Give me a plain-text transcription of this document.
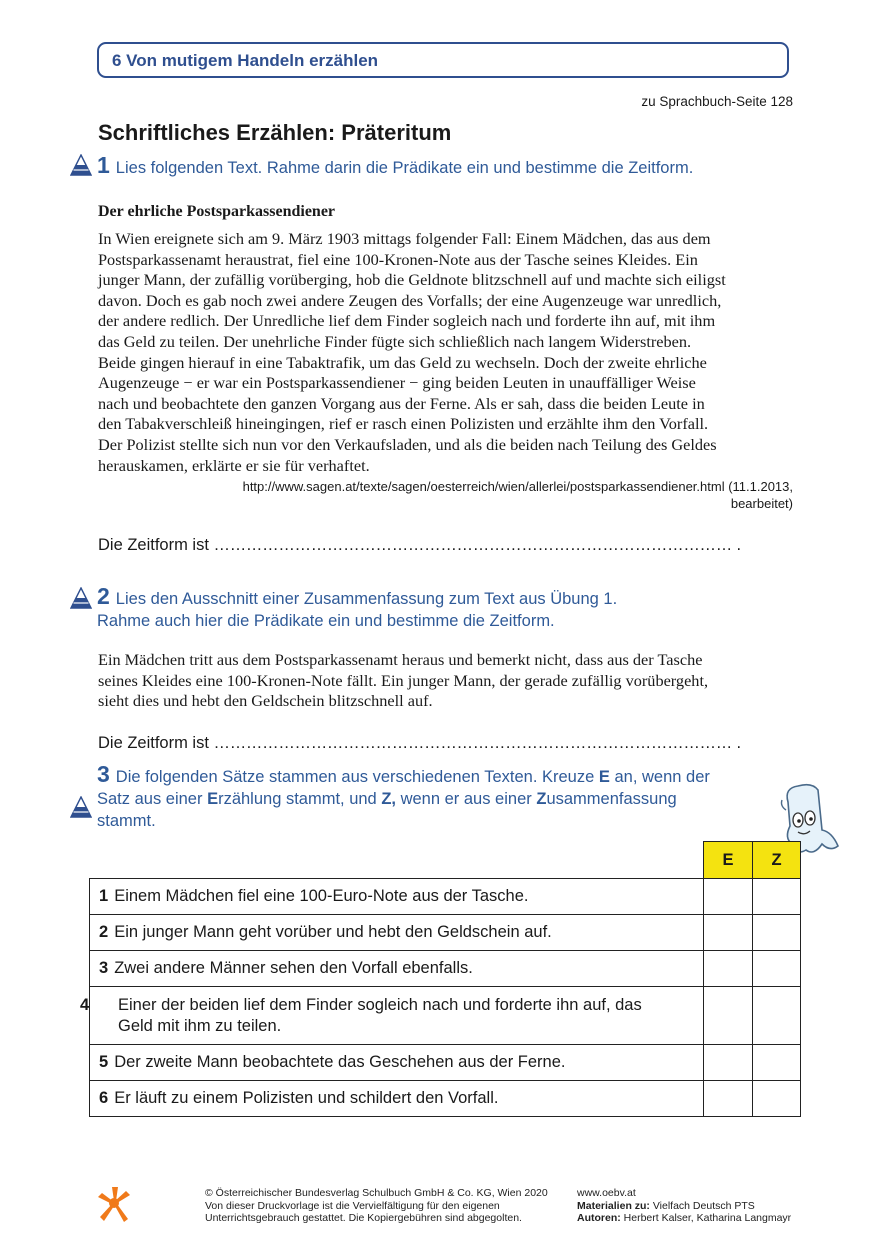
6 Von mutigem Handeln erzählen
zu Sprachbuch-Seite 128
Schriftliches Erzählen: Präteritum
1 Lies folgenden Text. Rahme darin die Prädikate ein und bestimme die Zeitform.
Der ehrliche Postsparkassendiener
In Wien ereignete sich am 9. März 1903 mittags folgender Fall: Einem Mädchen, das aus dem
Postsparkassenamt heraustrat, fiel eine 100-Kronen-Note aus der Tasche seines Kleides. Ein
junger Mann, der zufällig vorüberging, hob die Geldnote blitzschnell auf und machte sich eiligst
davon. Doch es gab noch zwei andere Zeugen des Vorfalls; der eine Augenzeuge war unredlich,
der andere redlich. Der Unredliche lief dem Finder sogleich nach und forderte ihn auf, mit ihm
das Geld zu teilen. Der unehrliche Finder fügte sich schließlich nach langem Widerstreben.
Beide gingen hierauf in eine Tabaktrafik, um das Geld zu wechseln. Doch der zweite ehrliche
Augenzeuge − er war ein Postsparkassendiener − ging beiden Leuten in unauffälliger Weise
nach und beobachtete den ganzen Vorgang aus der Ferne. Als er sah, dass die beiden Leute in
den Tabakverschleiß hineingingen, rief er rasch einen Polizisten und erzählte ihm den Vorfall.
Der Polizist stellte sich nun vor den Verkaufsladen, und als die beiden nach Teilung des Geldes
herauskamen, erklärte er sie für verhaftet.
http://www.sagen.at/texte/sagen/oesterreich/wien/allerlei/postsparkassendiener.html (11.1.2013,
bearbeitet)
Die Zeitform ist …………………………………………………………………………………… .
2 Lies den Ausschnitt einer Zusammenfassung zum Text aus Übung 1.
Rahme auch hier die Prädikate ein und bestimme die Zeitform.
Ein Mädchen tritt aus dem Postsparkassenamt heraus und bemerkt nicht, dass aus der Tasche
seines Kleides eine 100-Kronen-Note fällt. Ein junger Mann, der gerade zufällig vorübergeht,
sieht dies und hebt den Geldschein blitzschnell auf.
Die Zeitform ist …………………………………………………………………………………… .
3 Die folgenden Sätze stammen aus verschiedenen Texten. Kreuze E an, wenn der
Satz aus einer Erzählung stammt, und Z, wenn er aus einer Zusammenfassung
stammt.
	E	Z
1 Einem Mädchen fiel eine 100-Euro-Note aus der Tasche.		
2 Ein junger Mann geht vorüber und hebt den Geldschein auf.		
3 Zwei andere Männer sehen den Vorfall ebenfalls.		

4 Einer der beiden lief dem Finder sogleich nach und forderte ihn auf, das
Geld mit ihm zu teilen.		

5 Der zweite Mann beobachtete das Geschehen aus der Ferne.		
6 Er läuft zu einem Polizisten und schildert den Vorfall.		
© Österreichischer Bundesverlag Schulbuch GmbH & Co. KG, Wien 2020
Von dieser Druckvorlage ist die Vervielfältigung für den eigenen
Unterrichtsgebrauch gestattet. Die Kopiergebühren sind abgegolten.
www.oebv.at
Materialien zu: Vielfach Deutsch PTS
Autoren: Herbert Kalser, Katharina Langmayr
